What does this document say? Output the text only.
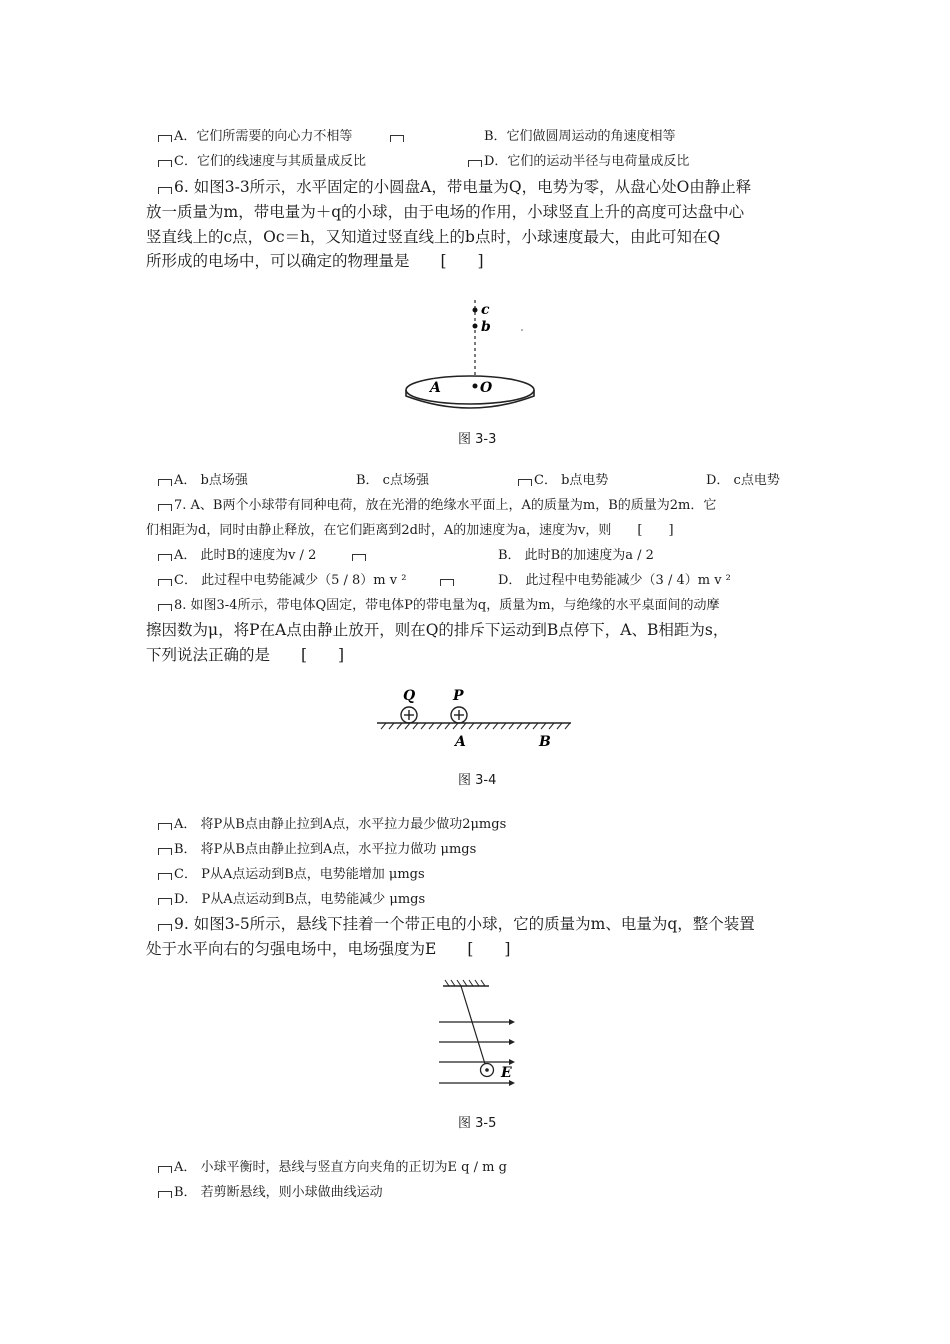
A．它们所需要的向心力不相等	B．它们做圆周运动的角速度相等
C．它们的线速度与其质量成反比	D．它们的运动半径与电荷量成反比
6. 如图3-3所示，水平固定的小圆盘A，带电量为Q，电势为零，从盘心处O由静止释
放一质量为m，带电量为＋q的小球，由于电场的作用，小球竖直上升的高度可达盘中心
竖直线上的c点，Oc＝h，又知道过竖直线上的b点时，小球速度最大，由此可知在Q
所形成的电场中，可以确定的物理量是　　[　　]
c
b
A	O
图 3-3
A． b点场强	B． c点场强	C． b点电势	D． c点电势
7. A、B两个小球带有同种电荷，放在光滑的绝缘水平面上，A的质量为m，B的质量为2m．它
们相距为d，同时由静止释放，在它们距离到2d时，A的加速度为a，速度为v，则　　[　　]
A． 此时B的速度为v / 2	B． 此时B的加速度为a / 2
C． 此过程中电势能减少（5 / 8）m v ²	D． 此过程中电势能减少（3 / 4）m v ²
8. 如图3-4所示，带电体Q固定，带电体P的带电量为q，质量为m，与绝缘的水平桌面间的动摩
擦因数为μ，将P在A点由静止放开，则在Q的排斥下运动到B点停下，A、B相距为s，
下列说法正确的是　　[　　]
Q	P
A	B
图 3-4
A． 将P从B点由静止拉到A点，水平拉力最少做功2μmgs
B． 将P从B点由静止拉到A点，水平拉力做功 μmgs
C． P从A点运动到B点，电势能增加 μmgs
D． P从A点运动到B点，电势能减少 μmgs
9. 如图3-5所示，悬线下挂着一个带正电的小球，它的质量为m、电量为q，整个装置
处于水平向右的匀强电场中，电场强度为E　　[　　]
E
图 3-5
A． 小球平衡时，悬线与竖直方向夹角的正切为E q / m g
B． 若剪断悬线，则小球做曲线运动
